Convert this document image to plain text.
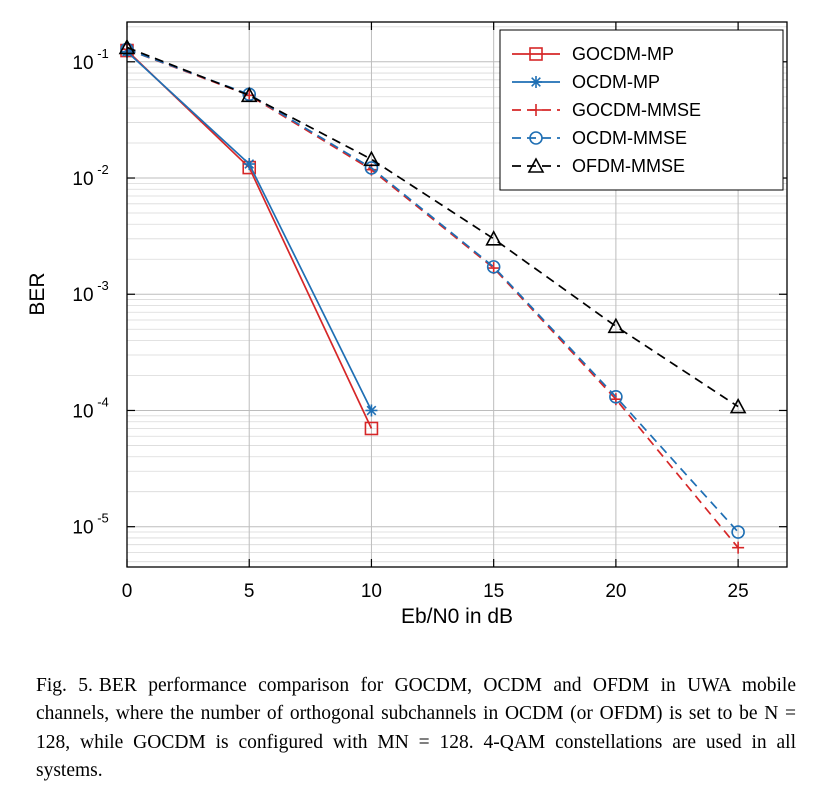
10 -5
10 -4
10 -3
10 -2
10 -1
0	5	10	15	20	25
Eb/N0 in dB
BER
GOCDM-MP
OCDM-MP
GOCDM-MMSE
OCDM-MMSE
OFDM-MMSE
Fig. 5. BER performance comparison for GOCDM, OCDM and OFDM in UWA mobile channels, where the number of orthogonal subchannels in OCDM (or OFDM) is set to be N = 128, while GOCDM is configured with MN = 128. 4-QAM constellations are used in all systems.
